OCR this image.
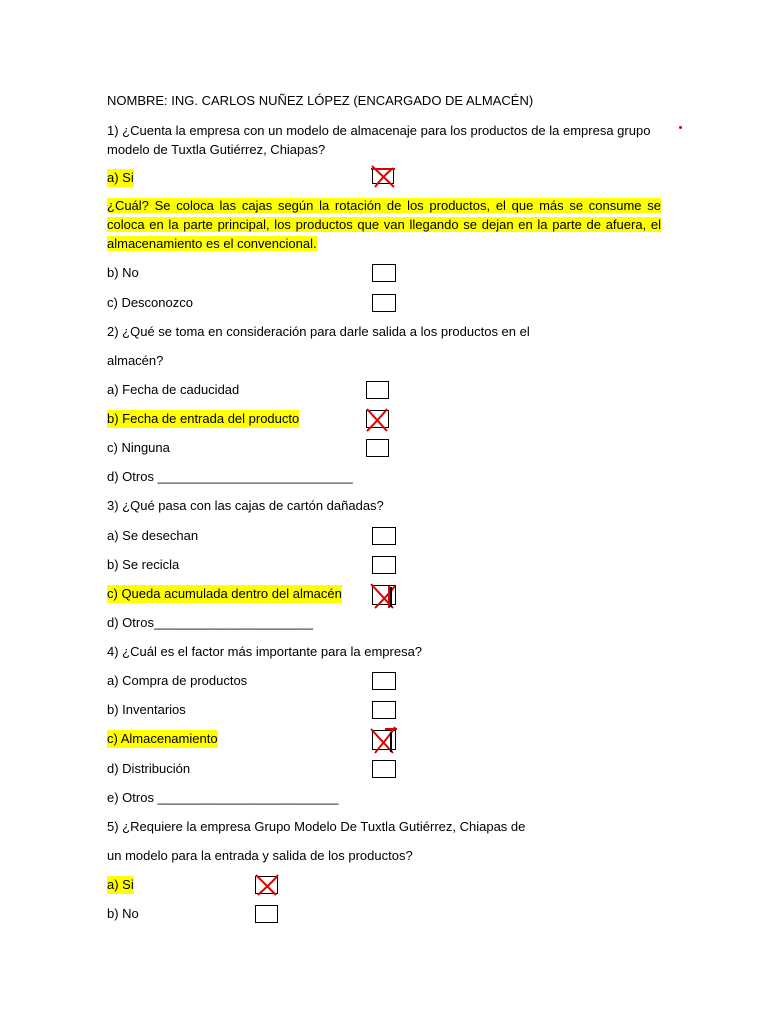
NOMBRE: ING. CARLOS NUÑEZ LÓPEZ (ENCARGADO DE ALMACÉN)
1) ¿Cuenta la empresa con un modelo de almacenaje para los productos de la empresa grupo
modelo de Tuxtla Gutiérrez, Chiapas?
a) Si
¿Cuál? Se coloca las cajas según la rotación de los productos, el que más se consume se coloca en la parte principal, los productos que van llegando se dejan en la parte de afuera, el almacenamiento es el convencional.
b) No
c) Desconozco
2) ¿Qué se toma en consideración para darle salida a los productos en el
almacén?
a) Fecha de caducidad
b) Fecha de entrada del producto
c) Ninguna
d) Otros ___________________________
3) ¿Qué pasa con las cajas de cartón dañadas?
a) Se desechan
b) Se recicla
c) Queda acumulada dentro del almacén
d) Otros______________________
4) ¿Cuál es el factor más importante para la empresa?
a) Compra de productos
b) Inventarios
c) Almacenamiento
d) Distribución
e) Otros _________________________
5) ¿Requiere la empresa Grupo Modelo De Tuxtla Gutiérrez, Chiapas de
un modelo para la entrada y salida de los productos?
a) Si
b) No
